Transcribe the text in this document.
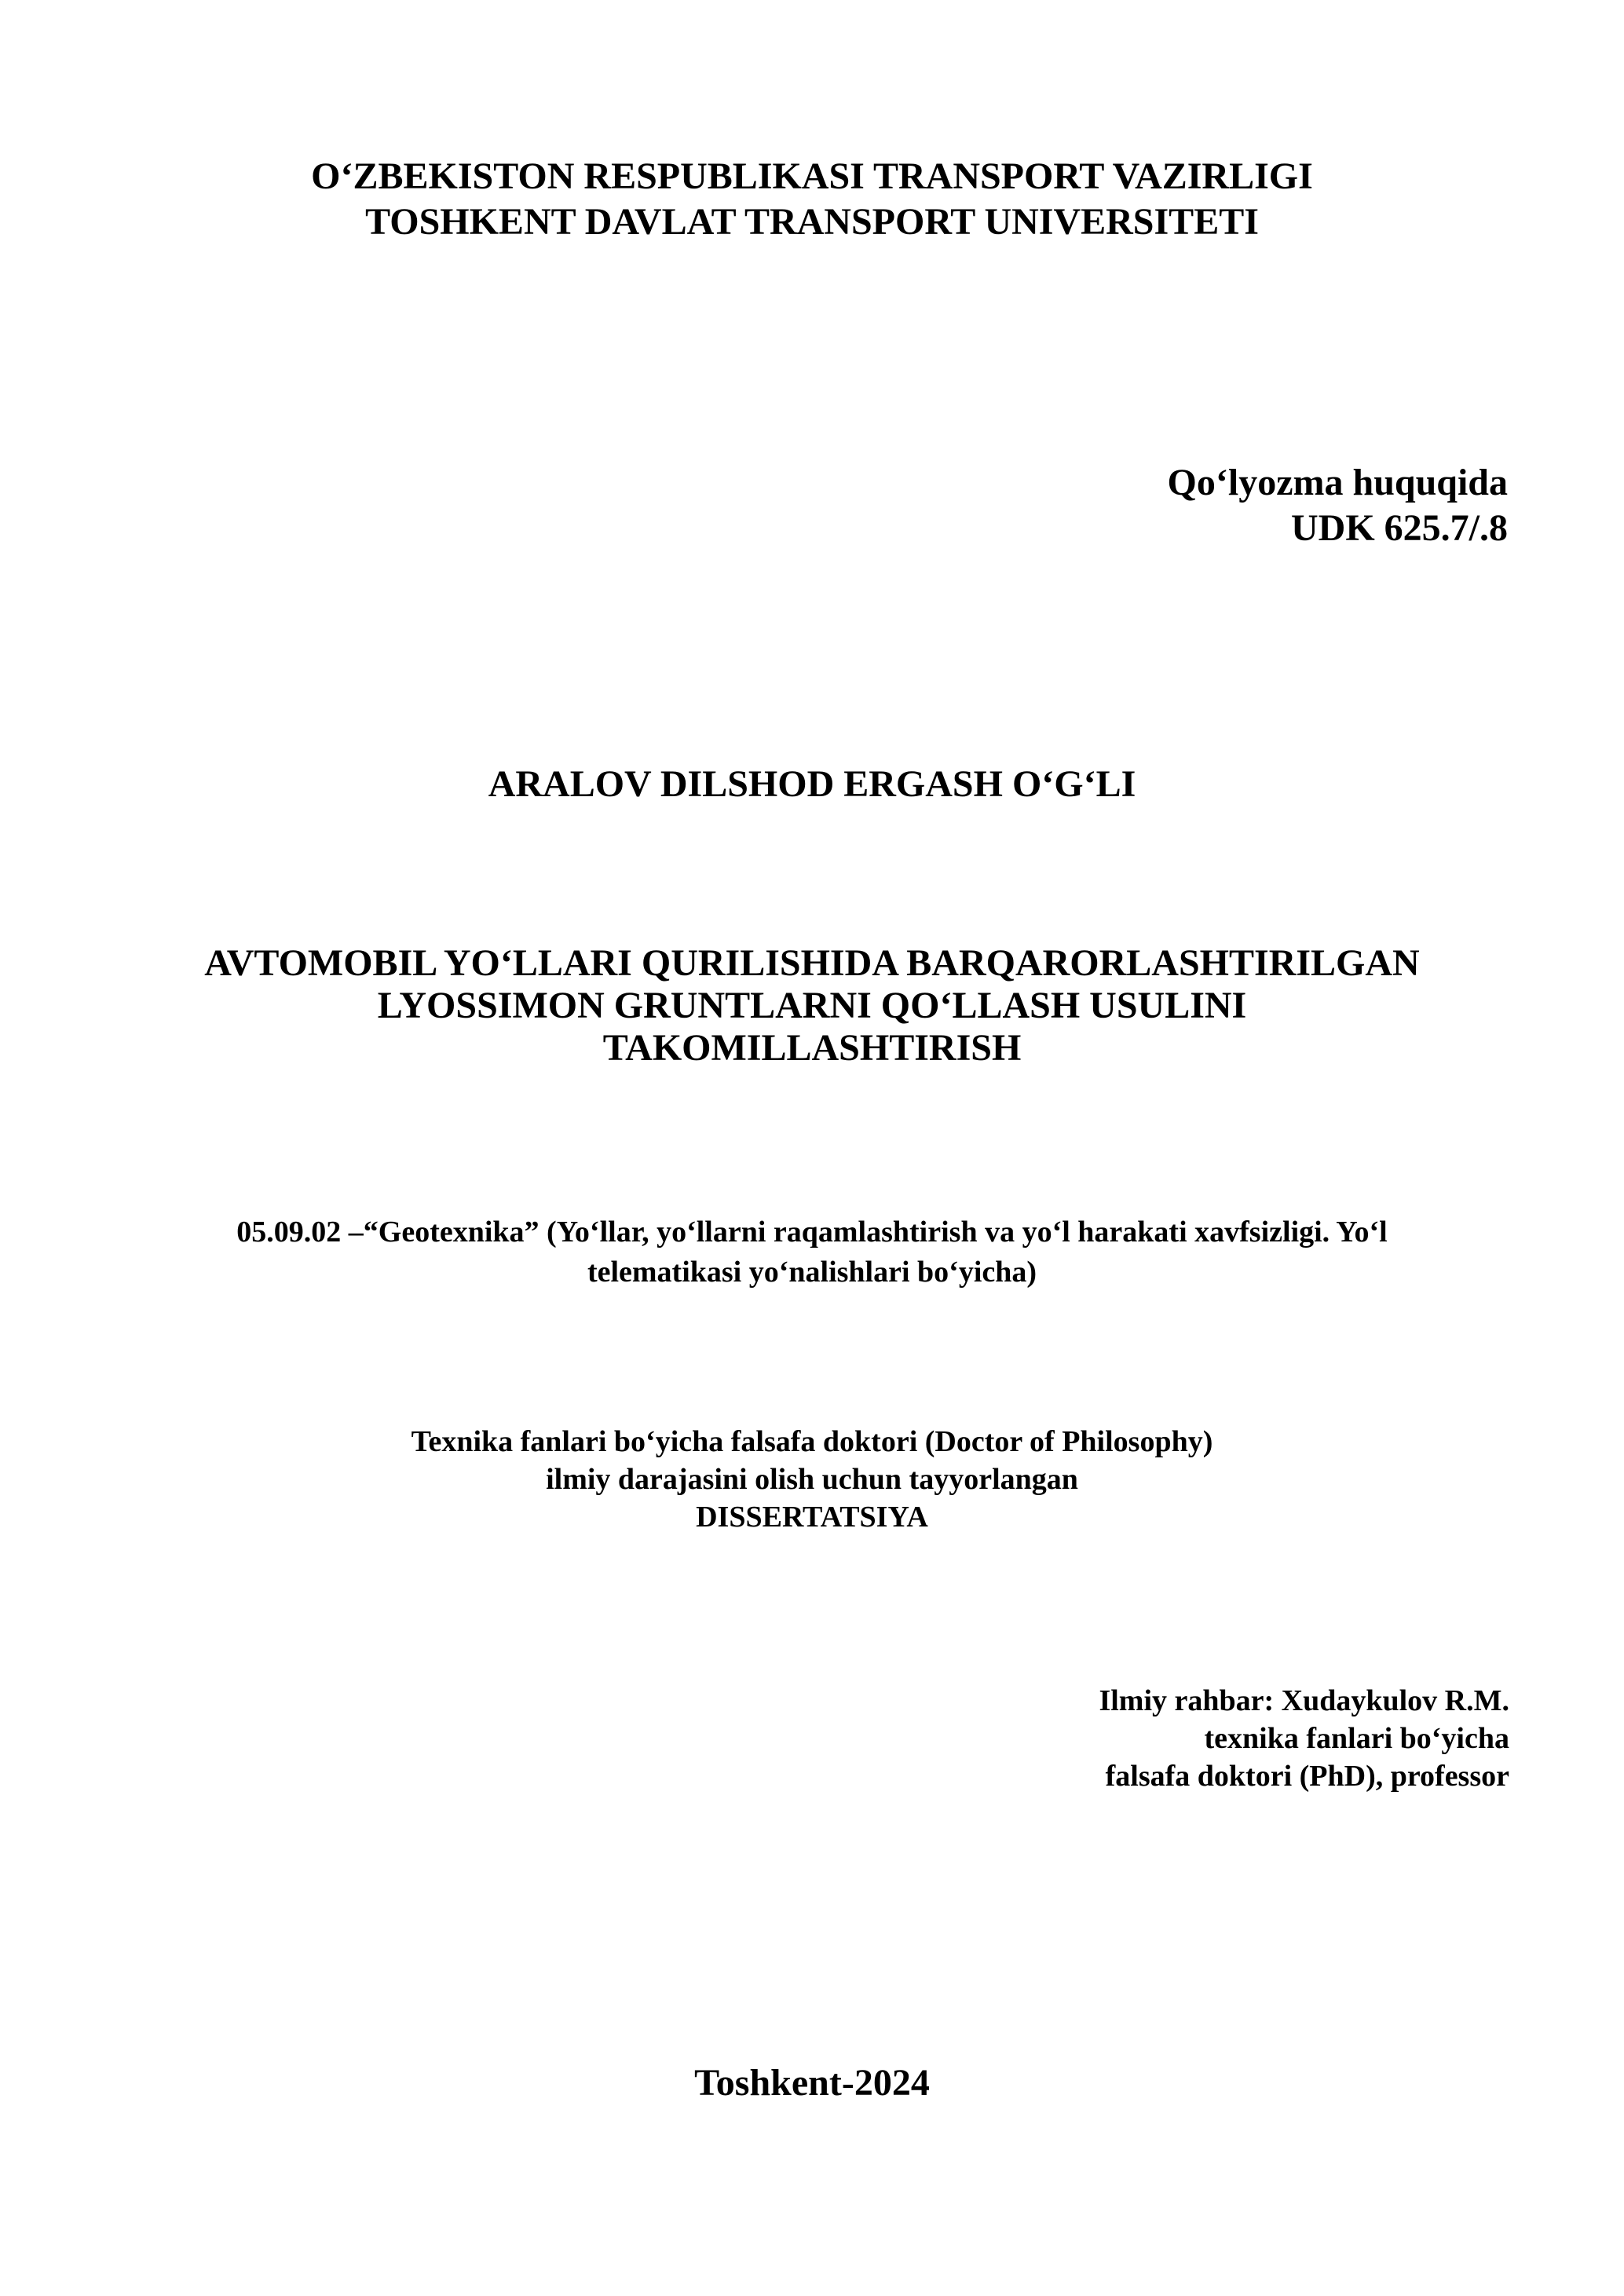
O‘ZBEKISTON RESPUBLIKASI TRANSPORT VAZIRLIGI
TOSHKENT DAVLAT TRANSPORT UNIVERSITETI
Qo‘lyozma huquqida
UDK 625.7/.8
ARALOV DILSHOD ERGASH O‘G‘LI
AVTOMOBIL YO‘LLARI QURILISHIDA BARQARORLASHTIRILGAN
LYOSSIMON GRUNTLARNI QO‘LLASH USULINI
TAKOMILLASHTIRISH
05.09.02 –“Geotexnika” (Yo‘llar, yo‘llarni raqamlashtirish va yo‘l harakati xavfsizligi. Yo‘l
telematikasi yo‘nalishlari bo‘yicha)
Texnika fanlari bo‘yicha falsafa doktori (Doctor of Philosophy)
ilmiy darajasini olish uchun tayyorlangan
DISSERTATSIYA
Ilmiy rahbar: Xudaykulov R.M.
texnika fanlari bo‘yicha
falsafa doktori (PhD), professor
Toshkent-2024
